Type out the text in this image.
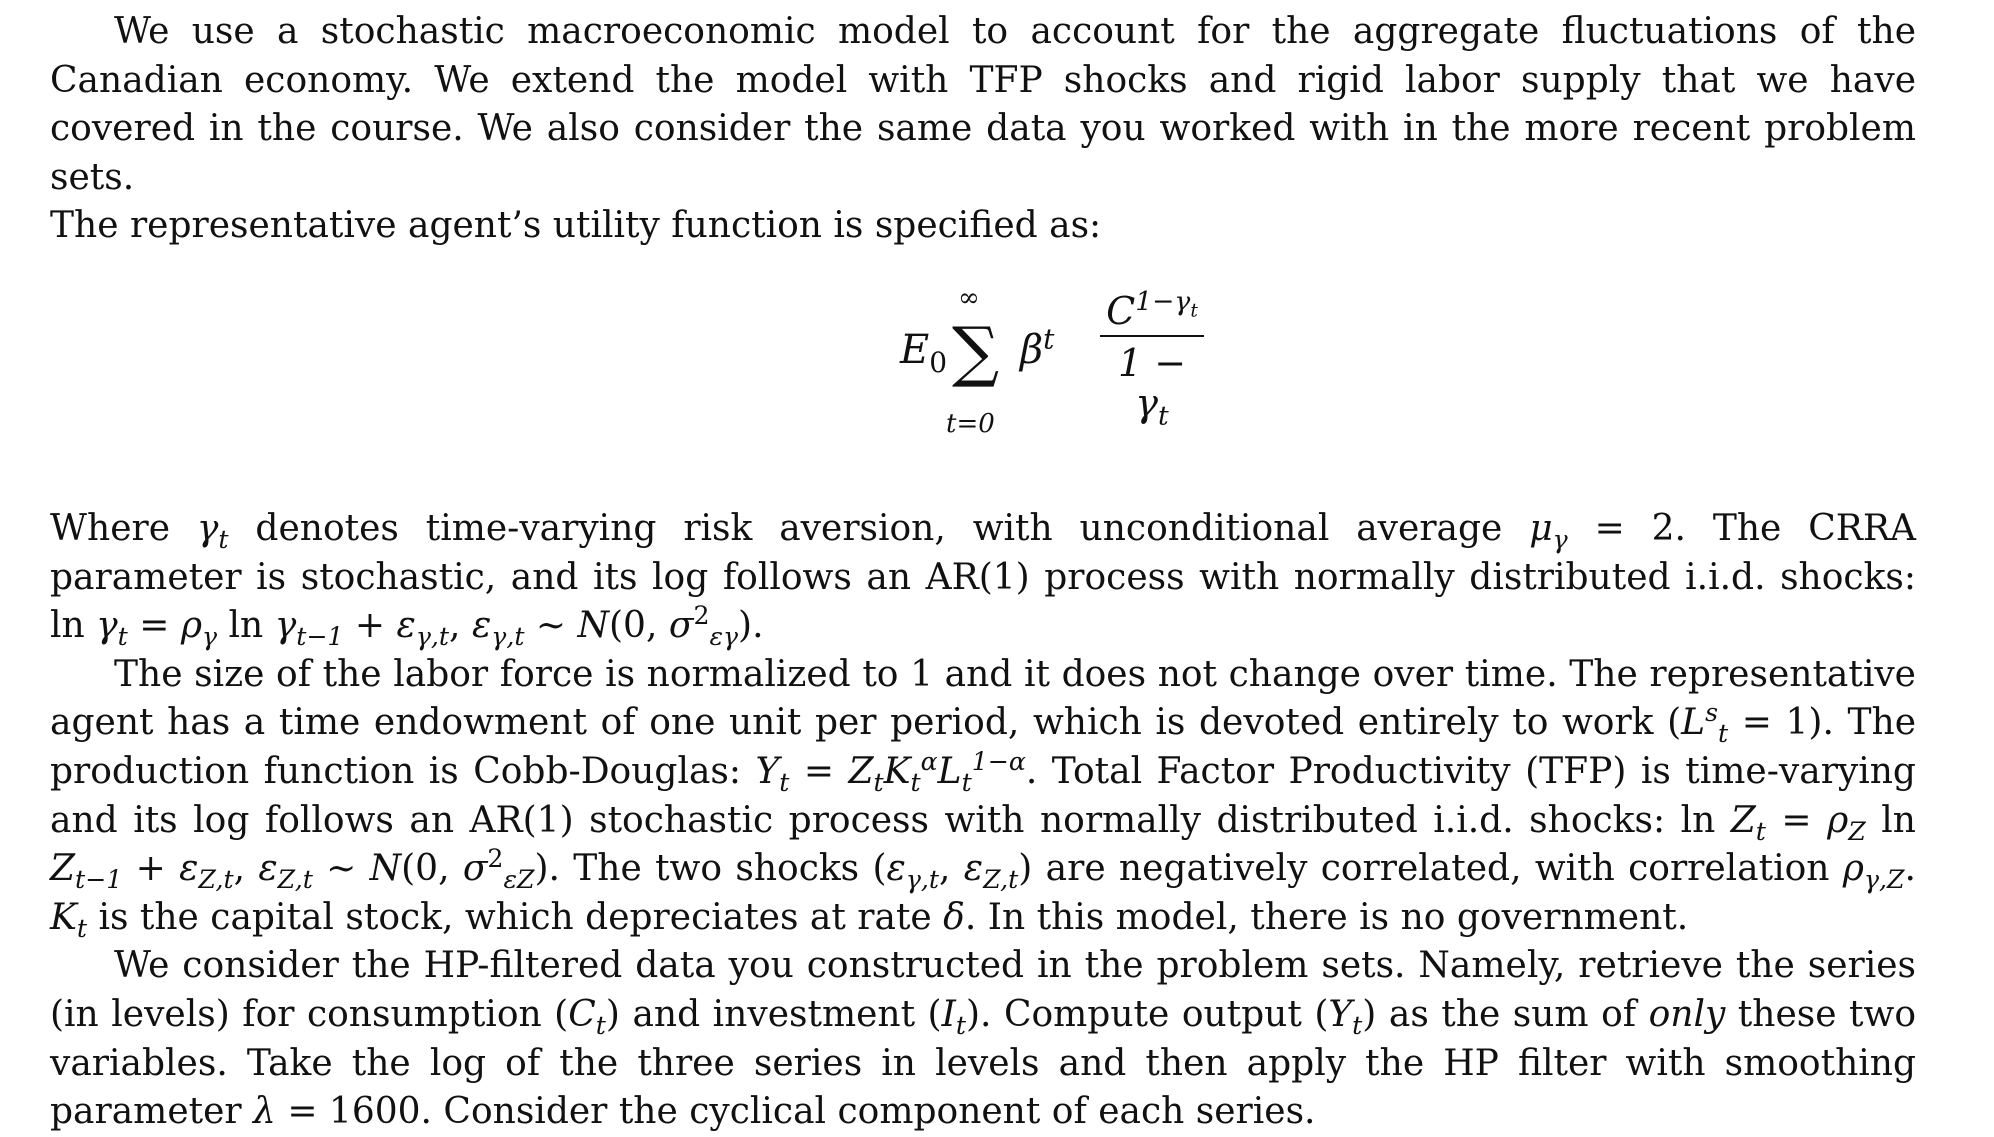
We use a stochastic macroeconomic model to account for the aggregate fluctuations of the Canadian economy. We extend the model with TFP shocks and rigid labor supply that we have covered in the course. We also consider the same data you worked with in the more recent problem sets.

The representative agent’s utility function is specified as:

$E_0$
∞
∑
t=0
$\beta^t$
$C^{1-\gamma_t}$
$1 - \gamma_t$

Where $\gamma_t$ denotes time-varying risk aversion, with unconditional average $\mu_\gamma = 2$. The CRRA parameter is stochastic, and its log follows an AR(1) process with normally distributed i.i.d. shocks: $\ln \gamma_t = \rho_\gamma$ $\ln \gamma_{t-1} + \varepsilon_{\gamma,t}$, $\varepsilon_{\gamma,t}$ ∼ N(0, $\sigma^2_{\varepsilon\gamma}$).

The size of the labor force is normalized to 1 and it does not change over time. The representative agent has a time endowment of one unit per period, which is devoted entirely to work $(L^s_t = 1)$. The production function is Cobb-Douglas: $Y_t = Z_tK_t^\alpha L_t^{1-\alpha}$. Total Factor Productivity (TFP) is time-varying and its log follows an AR(1) stochastic process with normally distributed i.i.d. shocks: $\ln Z_t = \rho_Z$ $\ln Z_{t-1} + \varepsilon_{Z,t}$, $\varepsilon_{Z,t}$ ∼ N(0, $\sigma^2_{\varepsilon Z}$). The two shocks ($\varepsilon_{\gamma,t}$, $\varepsilon_{Z,t}$) are negatively correlated, with correlation $\rho_{\gamma,Z}$. $K_t$ is the capital stock, which depreciates at rate δ. In this model, there is no government.

We consider the HP-filtered data you constructed in the problem sets. Namely, retrieve the series (in levels) for consumption $(C_t)$ and investment $(I_t)$. Compute output $(Y_t)$ as the sum of only these two variables. Take the log of the three series in levels and then apply the HP filter with smoothing parameter λ = 1600. Consider the cyclical component of each series.
